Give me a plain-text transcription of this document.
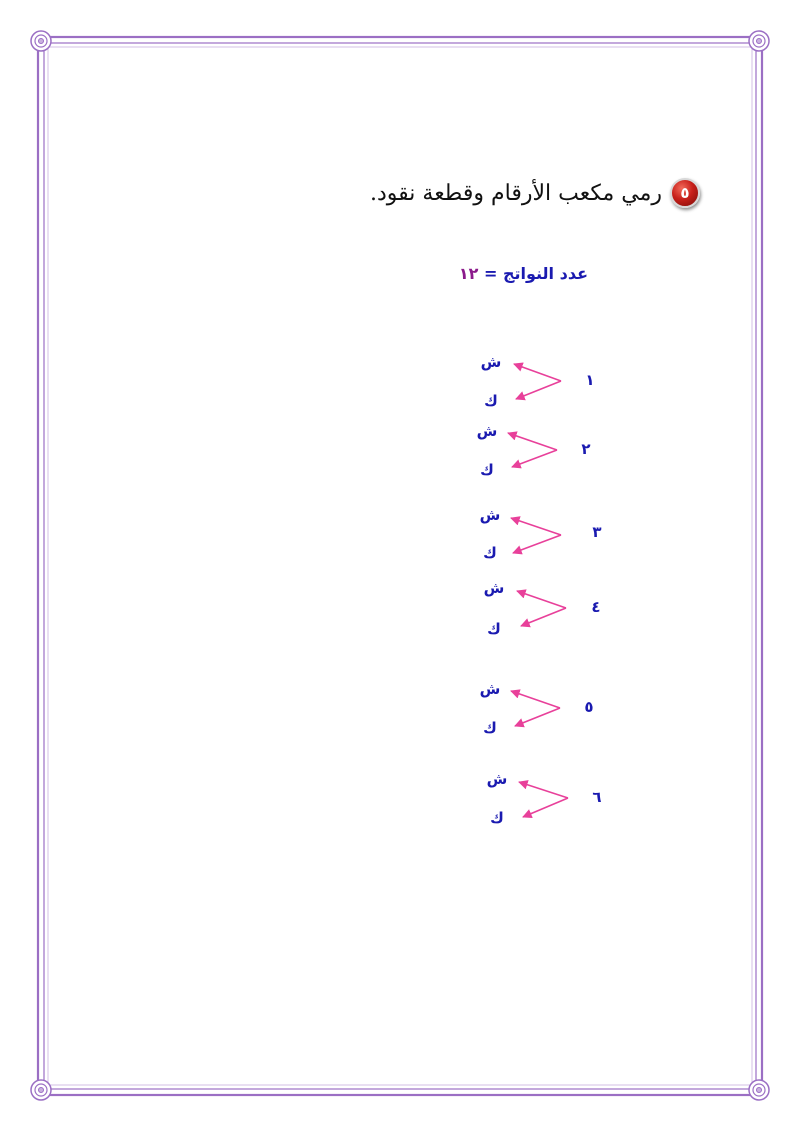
٥
رمي مكعب الأرقام وقطعة نقود.
عدد النواتج = ١٢
١
ش
ك
٢
ش
ك
٣
ش
ك
٤
ش
ك
٥
ش
ك
٦
ش
ك
